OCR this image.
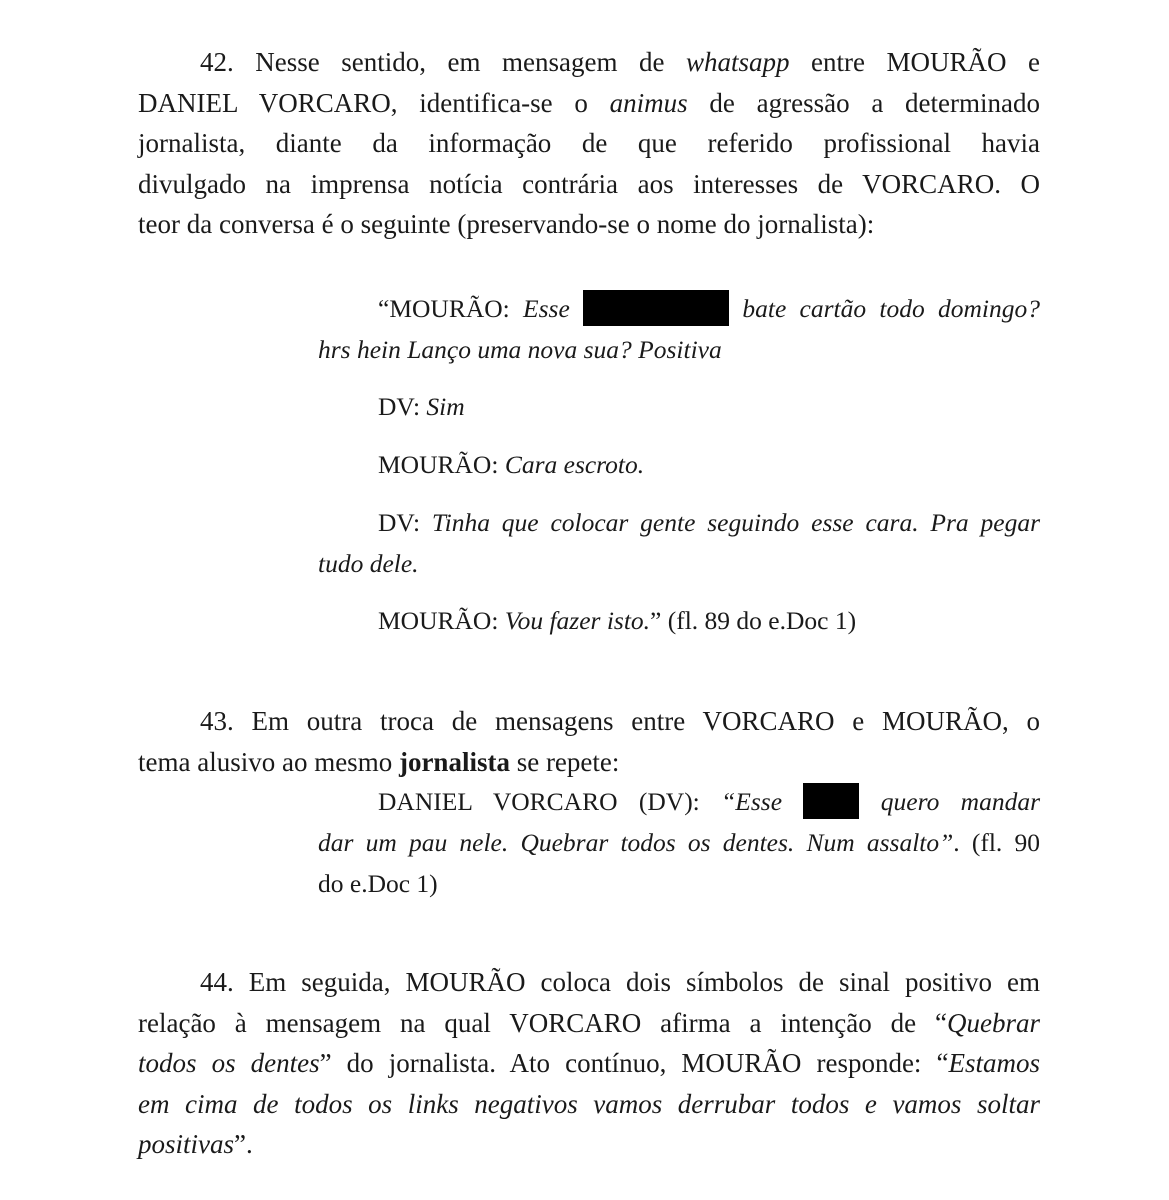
42. Nesse sentido, em mensagem de whatsapp entre MOURÃO e
DANIEL VORCARO, identifica-se o animus de agressão a determinado
jornalista, diante da informação de que referido profissional havia
divulgado na imprensa notícia contrária aos interesses de VORCARO. O
teor da conversa é o seguinte (preservando-se o nome do jornalista):
“MOURÃO: Esse	bate cartão todo domingo?
hrs hein Lanço uma nova sua? Positiva

DV: Sim

MOURÃO: Cara escroto.

DV: Tinha que colocar gente seguindo esse cara. Pra pegar
tudo dele.

MOURÃO: Vou fazer isto.” (fl. 89 do e.Doc 1)

43. Em outra troca de mensagens entre VORCARO e MOURÃO, o
tema alusivo ao mesmo jornalista se repete:
DANIEL VORCARO (DV): “Esse	quero mandar
dar um pau nele. Quebrar todos os dentes. Num assalto”. (fl. 90
do e.Doc 1)
44. Em seguida, MOURÃO coloca dois símbolos de sinal positivo em
relação à mensagem na qual VORCARO afirma a intenção de “Quebrar
todos os dentes” do jornalista. Ato contínuo, MOURÃO responde: “Estamos
em cima de todos os links negativos vamos derrubar todos e vamos soltar
positivas”.
